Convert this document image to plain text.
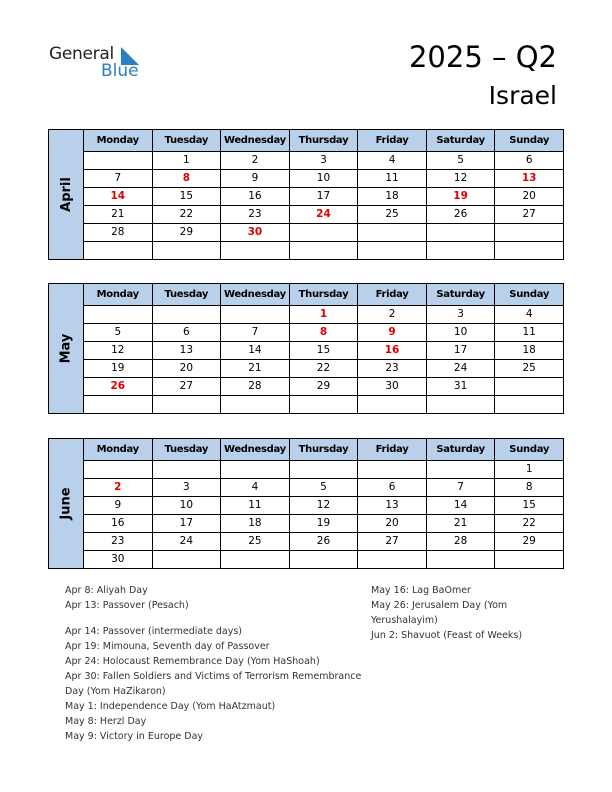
General
Blue	2025 – Q2
Israel
April	Monday	Tuesday	Wednesday	Thursday	Friday	Saturday	Sunday
		1	2	3	4	5	6
	7	8	9	10	11	12	13
	14	15	16	17	18	19	20
	21	22	23	24	25	26	27
	28	29	30				

May	Monday	Tuesday	Wednesday	Thursday	Friday	Saturday	Sunday
				1	2	3	4
	5	6	7	8	9	10	11
	12	13	14	15	16	17	18
	19	20	21	22	23	24	25
	26	27	28	29	30	31	

June	Monday	Tuesday	Wednesday	Thursday	Friday	Saturday	Sunday
							1
	2	3	4	5	6	7	8
	9	10	11	12	13	14	15
	16	17	18	19	20	21	22
	23	24	25	26	27	28	29
	30						
Apr 8: Aliyah Day
Apr 13: Passover (Pesach)
Apr 14: Passover (intermediate days)
Apr 19: Mimouna, Seventh day of Passover
Apr 24: Holocaust Remembrance Day (Yom HaShoah)
Apr 30: Fallen Soldiers and Victims of Terrorism Remembrance
Day (Yom HaZikaron)
May 1: Independence Day (Yom HaAtzmaut)
May 8: Herzl Day
May 9: Victory in Europe Day
May 16: Lag BaOmer
May 26: Jerusalem Day (Yom
Yerushalayim)
Jun 2: Shavuot (Feast of Weeks)
